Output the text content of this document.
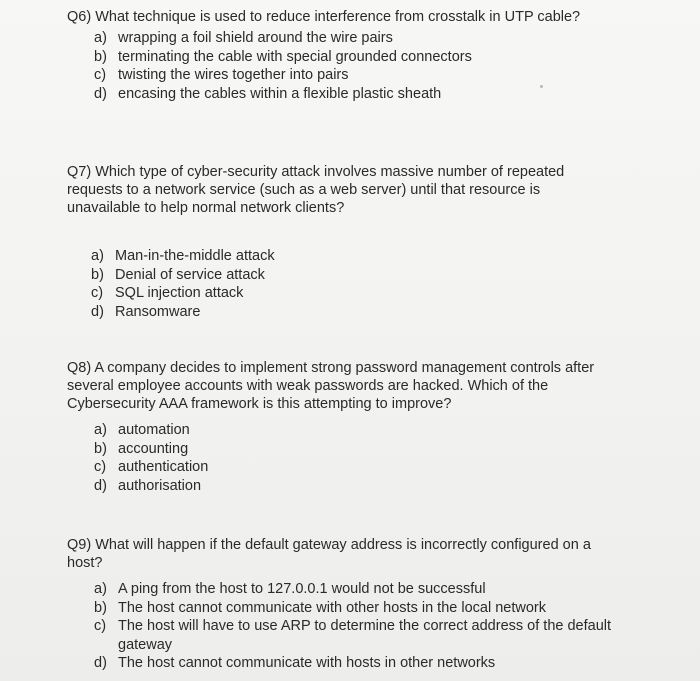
Q6) What technique is used to reduce interference from crosstalk in UTP cable?

a) wrapping a foil shield around the wire pairs
b) terminating the cable with special grounded connectors
c) twisting the wires together into pairs
d) encasing the cables within a flexible plastic sheath

Q7) Which type of cyber-security attack involves massive number of repeated requests to a network service (such as a web server) until that resource is unavailable to help normal network clients?

a) Man-in-the-middle attack
b) Denial of service attack
c) SQL injection attack
d) Ransomware

Q8) A company decides to implement strong password management controls after several employee accounts with weak passwords are hacked. Which of the Cybersecurity AAA framework is this attempting to improve?

a) automation
b) accounting
c) authentication
d) authorisation

Q9) What will happen if the default gateway address is incorrectly configured on a host?

a) A ping from the host to 127.0.0.1 would not be successful
b) The host cannot communicate with other hosts in the local network
c) The host will have to use ARP to determine the correct address of the default gateway
d) The host cannot communicate with hosts in other networks
